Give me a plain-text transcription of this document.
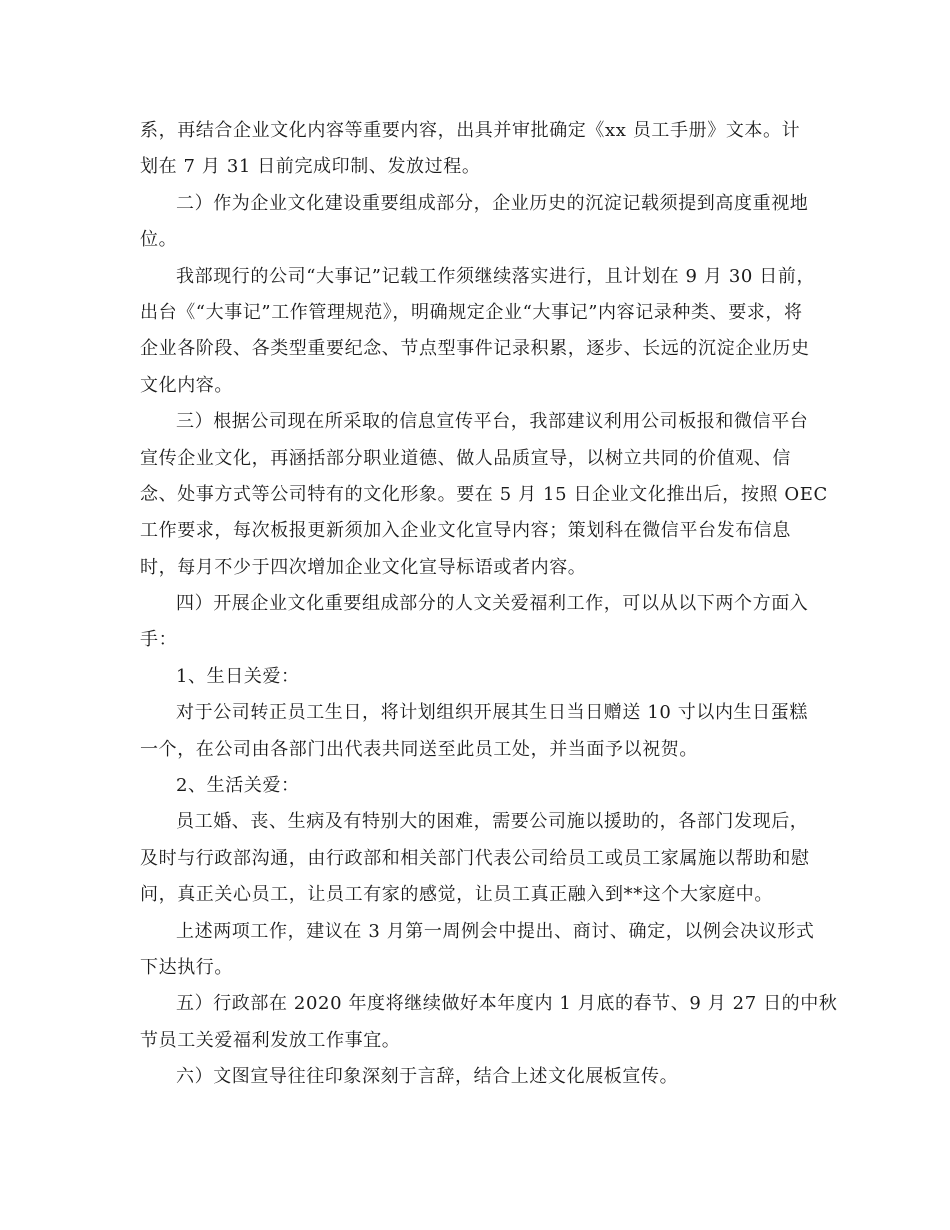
系，再结合企业文化内容等重要内容，出具并审批确定《xx 员工手册》文本。计
划在 7 月 31 日前完成印制、发放过程。
二）作为企业文化建设重要组成部分，企业历史的沉淀记载须提到高度重视地
位。
我部现行的公司“大事记”记载工作须继续落实进行，且计划在 9 月 30 日前，
出台《“大事记”工作管理规范》，明确规定企业“大事记”内容记录种类、要求，将
企业各阶段、各类型重要纪念、节点型事件记录积累，逐步、长远的沉淀企业历史
文化内容。
三）根据公司现在所采取的信息宣传平台，我部建议利用公司板报和微信平台
宣传企业文化，再涵括部分职业道德、做人品质宣导，以树立共同的价值观、信
念、处事方式等公司特有的文化形象。要在 5 月 15 日企业文化推出后，按照 OEC
工作要求，每次板报更新须加入企业文化宣导内容；策划科在微信平台发布信息
时，每月不少于四次增加企业文化宣导标语或者内容。
四）开展企业文化重要组成部分的人文关爱福利工作，可以从以下两个方面入
手：
1、生日关爱：
对于公司转正员工生日，将计划组织开展其生日当日赠送 10 寸以内生日蛋糕
一个，在公司由各部门出代表共同送至此员工处，并当面予以祝贺。
2、生活关爱：
员工婚、丧、生病及有特别大的困难，需要公司施以援助的，各部门发现后，
及时与行政部沟通，由行政部和相关部门代表公司给员工或员工家属施以帮助和慰
问，真正关心员工，让员工有家的感觉，让员工真正融入到**这个大家庭中。
上述两项工作，建议在 3 月第一周例会中提出、商讨、确定，以例会决议形式
下达执行。
五）行政部在 2020 年度将继续做好本年度内 1 月底的春节、9 月 27 日的中秋
节员工关爱福利发放工作事宜。
六）文图宣导往往印象深刻于言辞，结合上述文化展板宣传。
